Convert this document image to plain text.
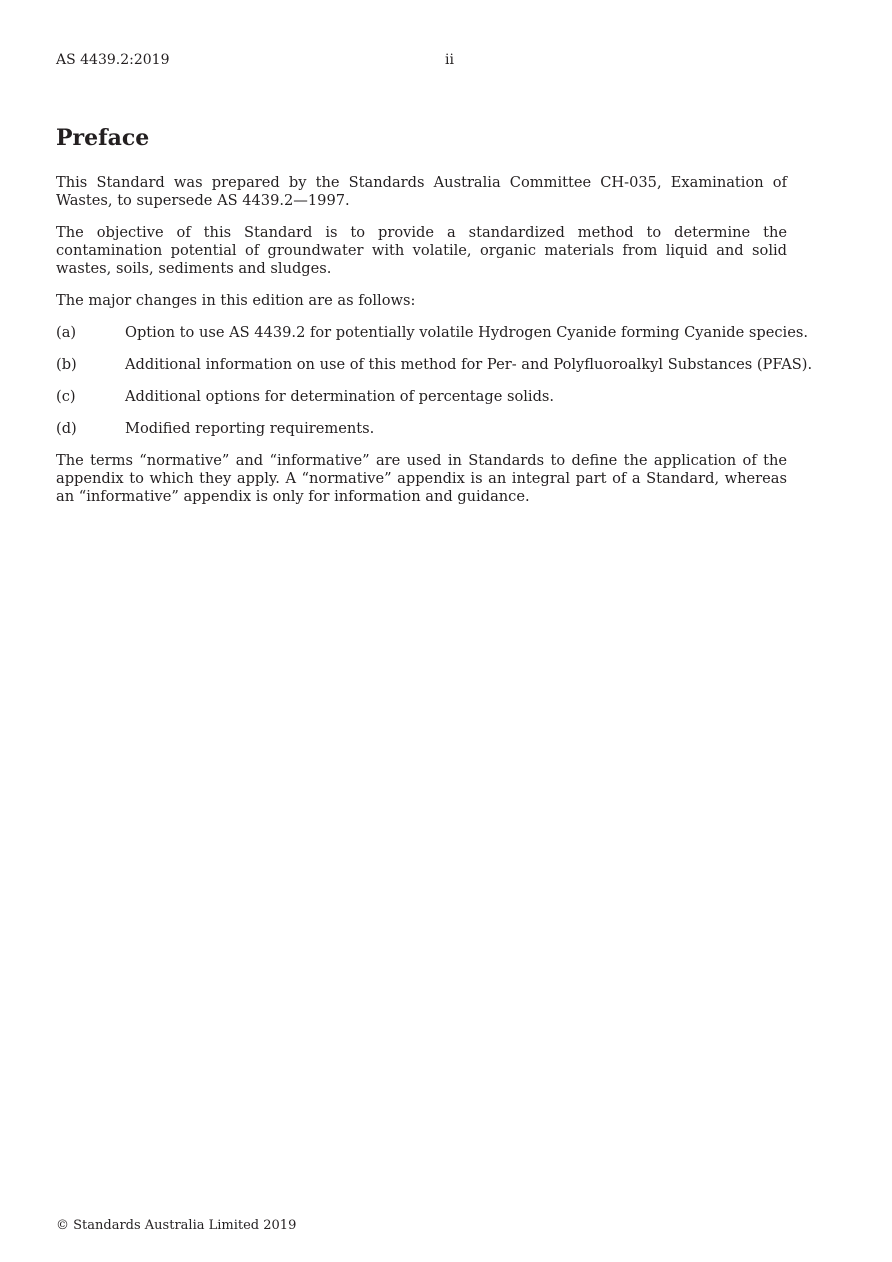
AS 4439.2:2019	ii
Preface

This Standard was prepared by the Standards Australia Committee CH-035, Examination of Wastes, to supersede AS 4439.2—1997.

The objective of this Standard is to provide a standardized method to determine the contamination potential of groundwater with volatile, organic materials from liquid and solid wastes, soils, sediments and sludges.

The major changes in this edition are as follows:

(a)	Option to use AS 4439.2 for potentially volatile Hydrogen Cyanide forming Cyanide species.
(b)	Additional information on use of this method for Per- and Polyfluoroalkyl Substances (PFAS).
(c)	Additional options for determination of percentage solids.
(d)	Modified reporting requirements.

The terms “normative” and “informative” are used in Standards to define the application of the appendix to which they apply. A “normative” appendix is an integral part of a Standard, whereas an “informative” appendix is only for information and guidance.

© Standards Australia Limited 2019
